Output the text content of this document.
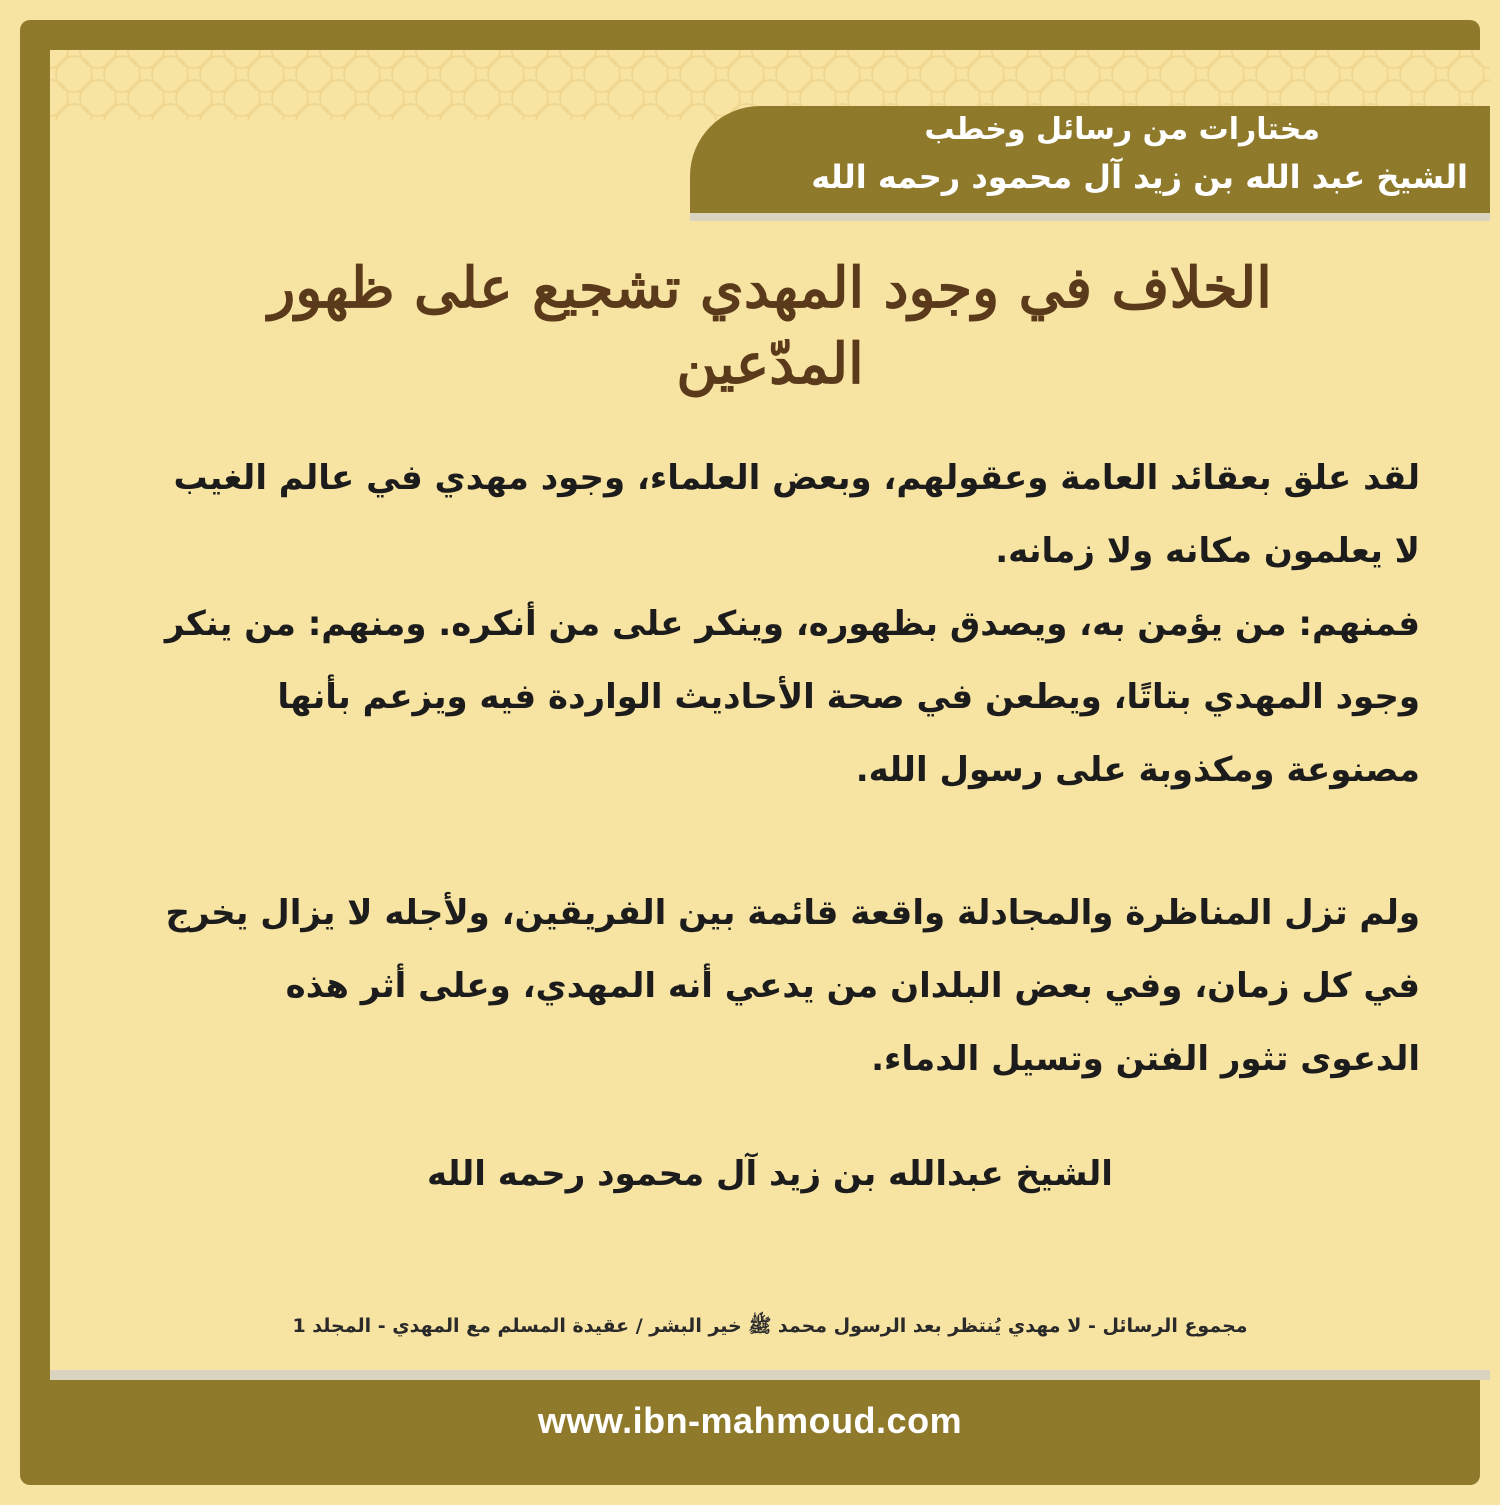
مختارات من رسائل وخطب
الشيخ عبد الله بن زيد آل محمود رحمه الله
الخلاف في وجود المهدي تشجيع على ظهور المدّعين

لقد علق بعقائد العامة وعقولهم، وبعض العلماء، وجود مهدي في عالم الغيب لا يعلمون مكانه ولا زمانه.

فمنهم: من يؤمن به، ويصدق بظهوره، وينكر على من أنكره. ومنهم: من ينكر وجود المهدي بتاتًا، ويطعن في صحة الأحاديث الواردة فيه ويزعم بأنها مصنوعة ومكذوبة على رسول الله.

ولم تزل المناظرة والمجادلة واقعة قائمة بين الفريقين، ولأجله لا يزال يخرج في كل زمان، وفي بعض البلدان من يدعي أنه المهدي، وعلى أثر هذه الدعوى تثور الفتن وتسيل الدماء.

الشيخ عبدالله بن زيد آل محمود رحمه الله
مجموع الرسائل - لا مهدي يُنتظر بعد الرسول محمد ﷺ خير البشر / عقيدة المسلم مع المهدي - المجلد 1
www.ibn-mahmoud.com
